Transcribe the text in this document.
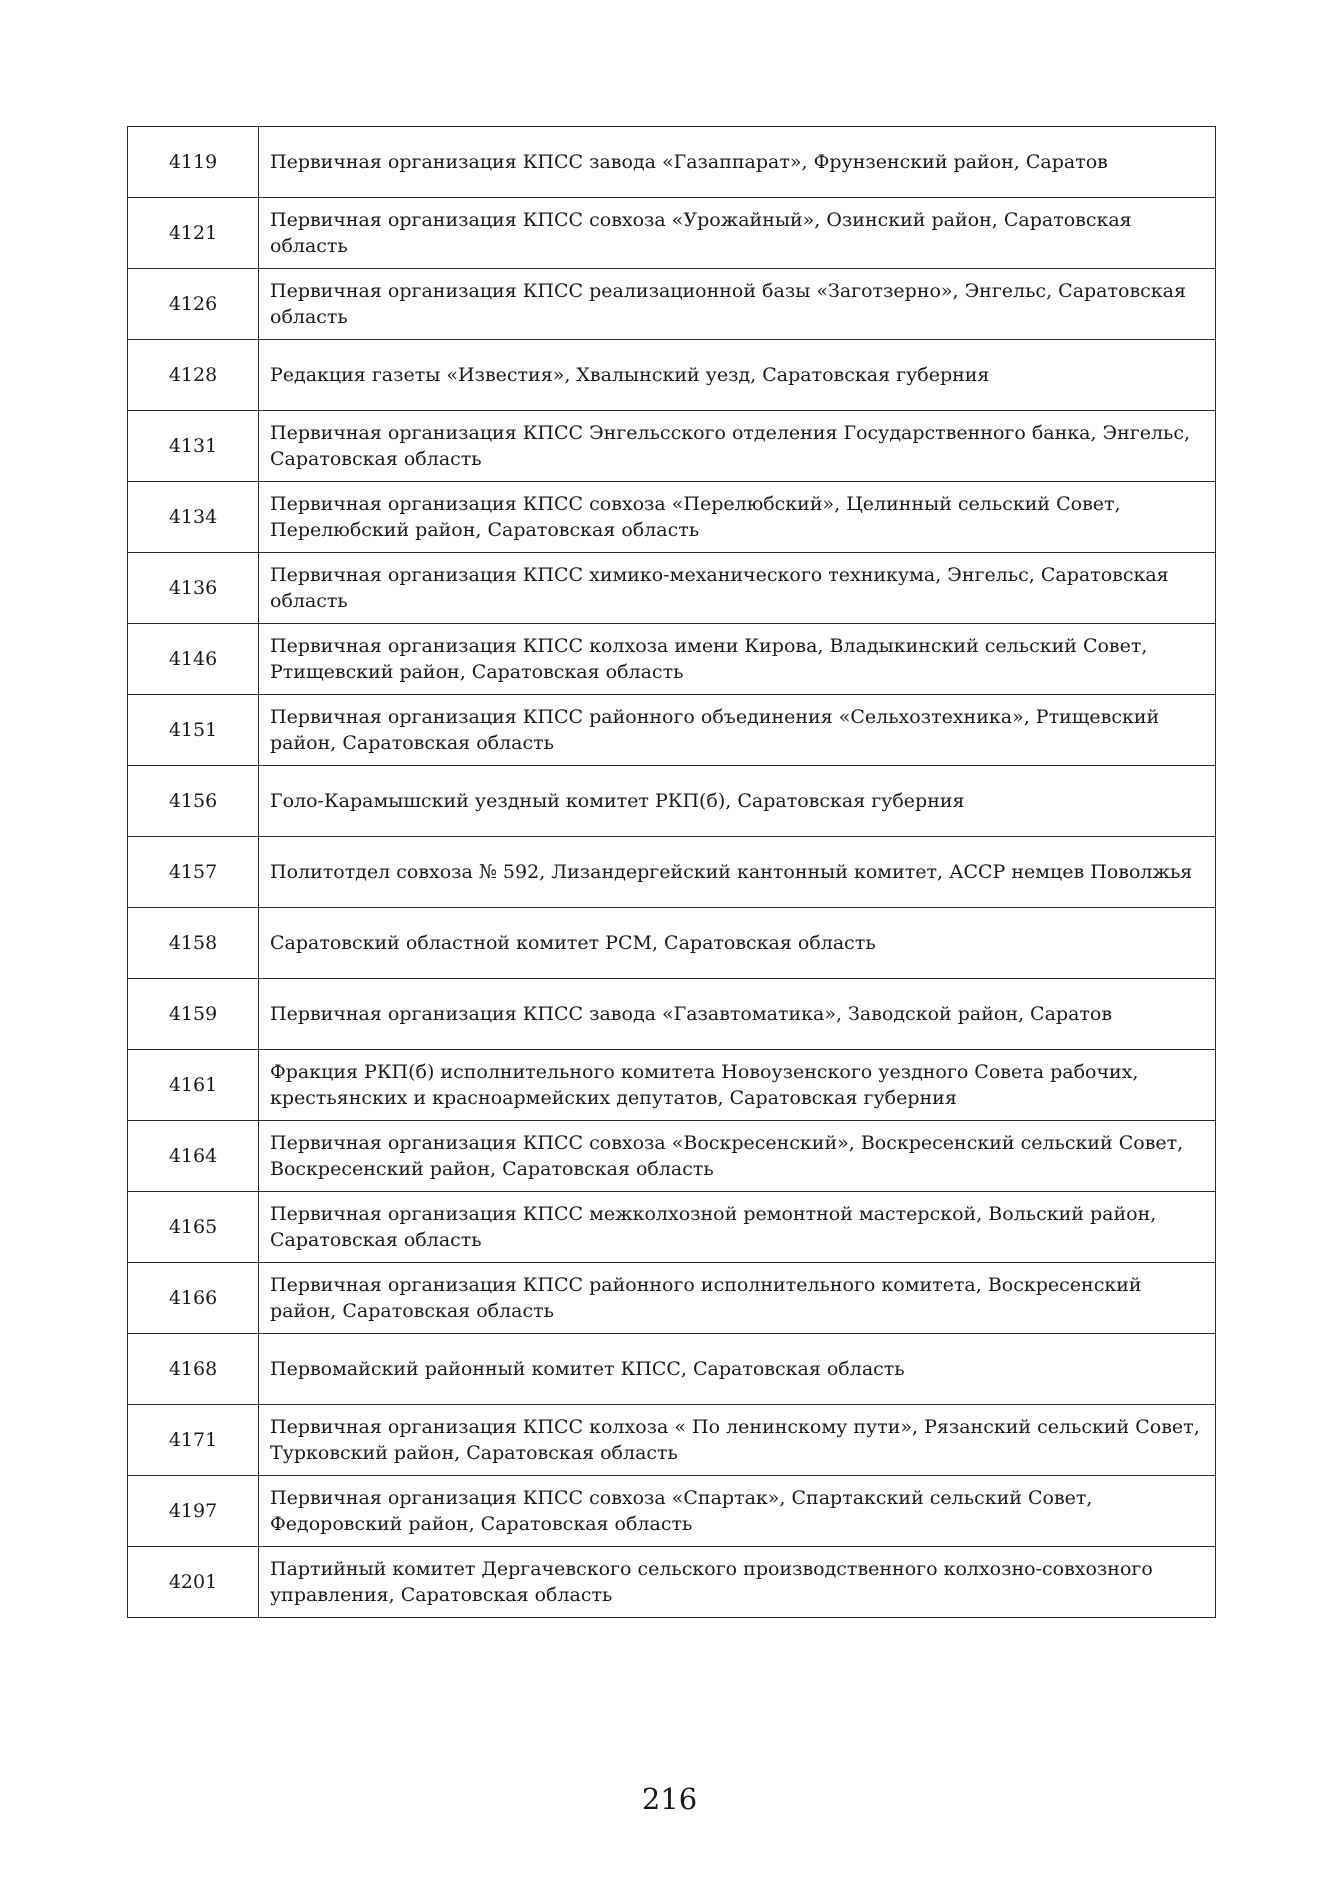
4119	Первичная организация КПСС завода «Газаппарат», Фрунзенский район, Саратов
4121	Первичная организация КПСС совхоза «Урожайный», Озинский район, Саратовская область
4126	Первичная организация КПСС реализационной базы «Заготзерно», Энгельс, Саратовская область
4128	Редакция газеты «Известия», Хвалынский уезд, Саратовская губерния
4131	Первичная организация КПСС Энгельсского отделения Государственного банка, Энгельс, Саратовская область
4134	Первичная организация КПСС совхоза «Перелюбский», Целинный сельский Совет, Перелюбский район, Саратовская область
4136	Первичная организация КПСС химико-механического техникума, Энгельс, Саратовская область
4146	Первичная организация КПСС колхоза имени Кирова, Владыкинский сельский Совет, Ртищевский район, Саратовская область
4151	Первичная организация КПСС районного объединения «Сельхозтехника», Ртищевский район, Саратовская область
4156	Голо-Карамышский уездный комитет РКП(б), Саратовская губерния
4157	Политотдел совхоза № 592, Лизандергейский кантонный комитет, АССР немцев Поволжья
4158	Саратовский областной комитет РСМ, Саратовская область
4159	Первичная организация КПСС завода «Газавтоматика», Заводской район, Саратов
4161	Фракция РКП(б) исполнительного комитета Новоузенского уездного Совета рабочих, крестьянских и красноармейских депутатов, Саратовская губерния
4164	Первичная организация КПСС совхоза «Воскресенский», Воскресенский сельский Совет, Воскресенский район, Саратовская область
4165	Первичная организация КПСС межколхозной ремонтной мастерской, Вольский район, Саратовская область
4166	Первичная организация КПСС районного исполнительного комитета, Воскресенский район, Саратовская область
4168	Первомайский районный комитет КПСС, Саратовская область
4171	Первичная организация КПСС колхоза « По ленинскому пути», Рязанский сельский Совет, Турковский район, Саратовская область
4197	Первичная организация КПСС совхоза «Спартак», Спартакский сельский Совет, Федоровский район, Саратовская область
4201	Партийный комитет Дергачевского сельского производственного колхозно-совхозного управления, Саратовская область
216
